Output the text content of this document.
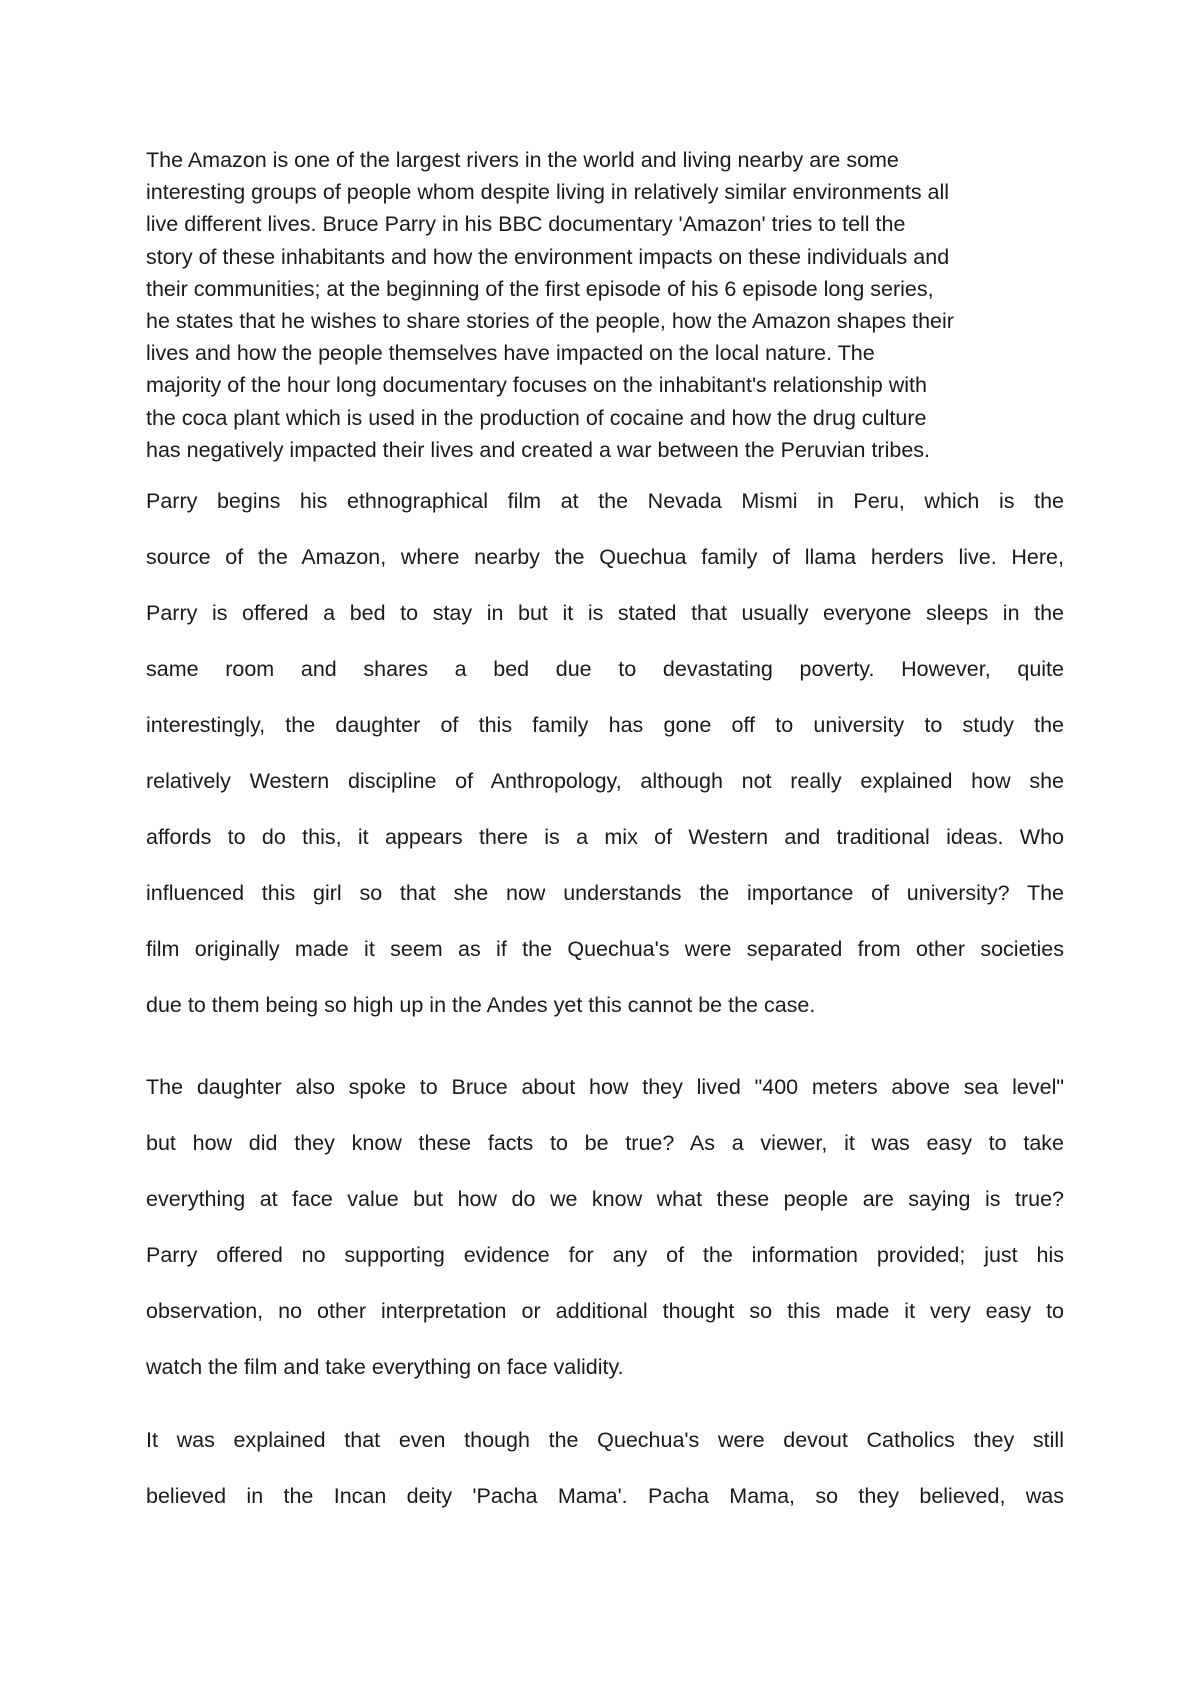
The Amazon is one of the largest rivers in the world and living nearby are some
interesting groups of people whom despite living in relatively similar environments all
live different lives. Bruce Parry in his BBC documentary 'Amazon' tries to tell the
story of these inhabitants and how the environment impacts on these individuals and
their communities; at the beginning of the first episode of his 6 episode long series,
he states that he wishes to share stories of the people, how the Amazon shapes their
lives and how the people themselves have impacted on the local nature. The
majority of the hour long documentary focuses on the inhabitant's relationship with
the coca plant which is used in the production of cocaine and how the drug culture
has negatively impacted their lives and created a war between the Peruvian tribes.
Parry begins his ethnographical film at the Nevada Mismi in Peru, which is the
source of the Amazon, where nearby the Quechua family of llama herders live. Here,
Parry is offered a bed to stay in but it is stated that usually everyone sleeps in the
same room and shares a bed due to devastating poverty. However, quite
interestingly, the daughter of this family has gone off to university to study the
relatively Western discipline of Anthropology, although not really explained how she
affords to do this, it appears there is a mix of Western and traditional ideas. Who
influenced this girl so that she now understands the importance of university? The
film originally made it seem as if the Quechua's were separated from other societies
due to them being so high up in the Andes yet this cannot be the case.
The daughter also spoke to Bruce about how they lived "400 meters above sea level"
but how did they know these facts to be true? As a viewer, it was easy to take
everything at face value but how do we know what these people are saying is true?
Parry offered no supporting evidence for any of the information provided; just his
observation, no other interpretation or additional thought so this made it very easy to
watch the film and take everything on face validity.
It was explained that even though the Quechua's were devout Catholics they still
believed in the Incan deity 'Pacha Mama'. Pacha Mama, so they believed, was
